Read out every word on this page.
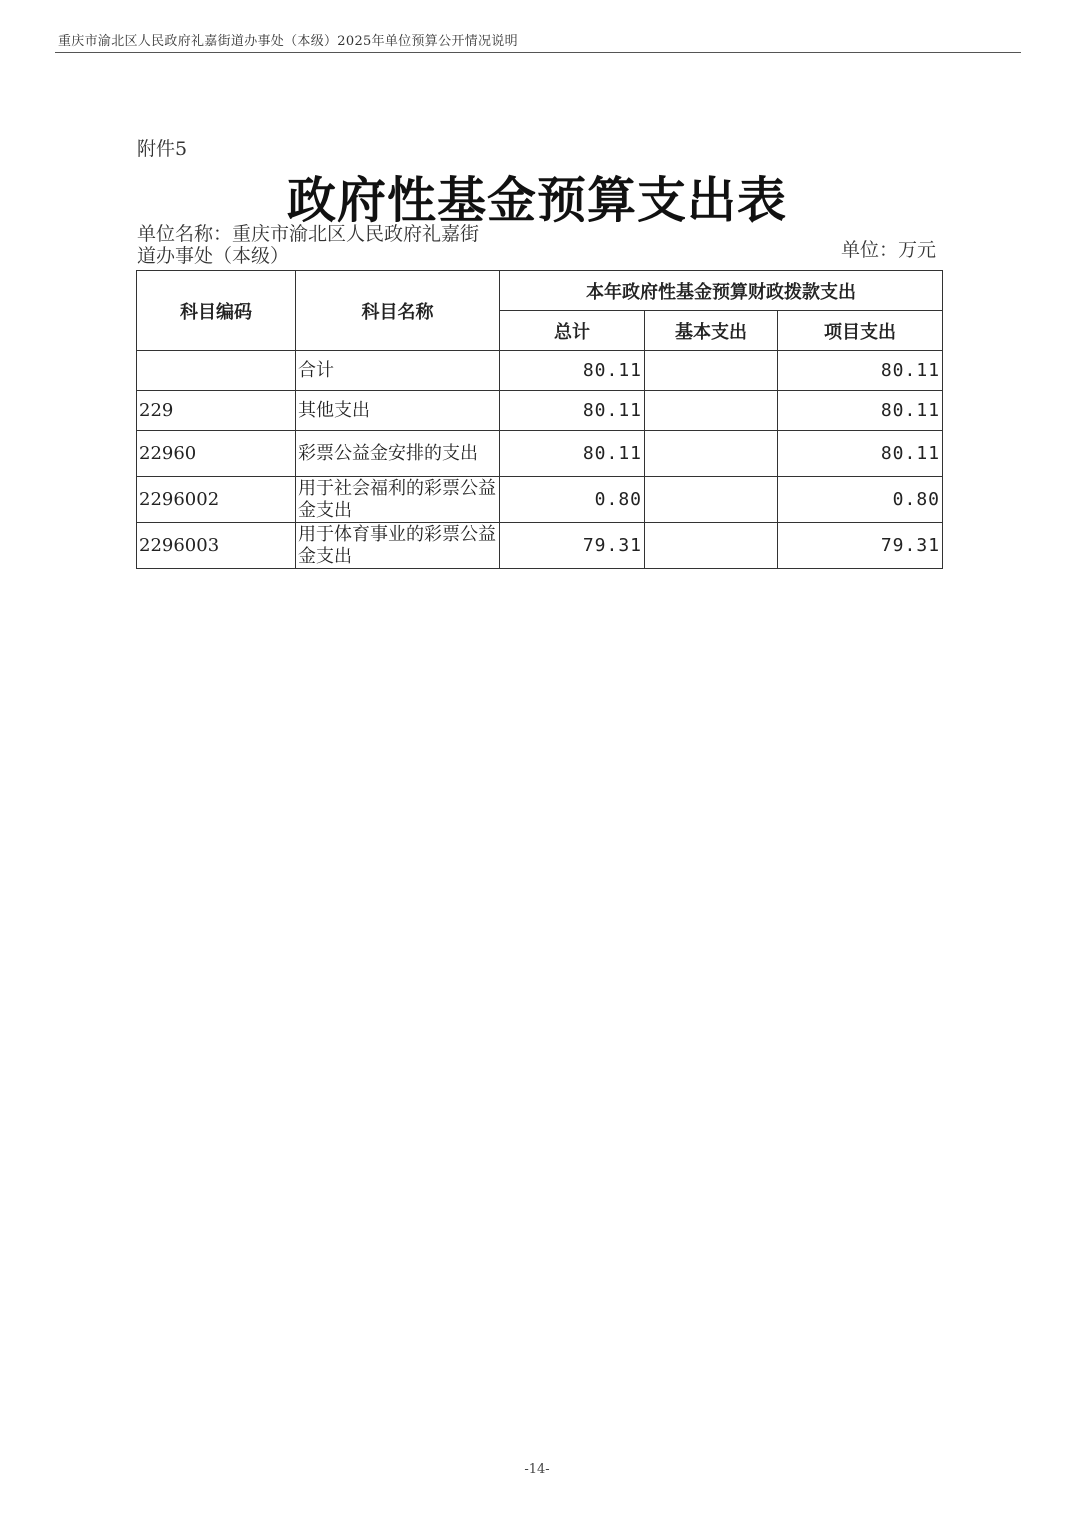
重庆市渝北区人民政府礼嘉街道办事处（本级）2025年单位预算公开情况说明
附件5
政府性基金预算支出表
单位名称：重庆市渝北区人民政府礼嘉街道办事处（本级）	单位：万元
科目编码	科目名称	本年政府性基金预算财政拨款支出		
		总计	基本支出	项目支出
	合计	80.11		80.11
229	其他支出	80.11		80.11
22960	彩票公益金安排的支出	80.11		80.11
2296002	用于社会福利的彩票公益金支出	0.80		0.80
2296003	用于体育事业的彩票公益金支出	79.31		79.31
-14-
